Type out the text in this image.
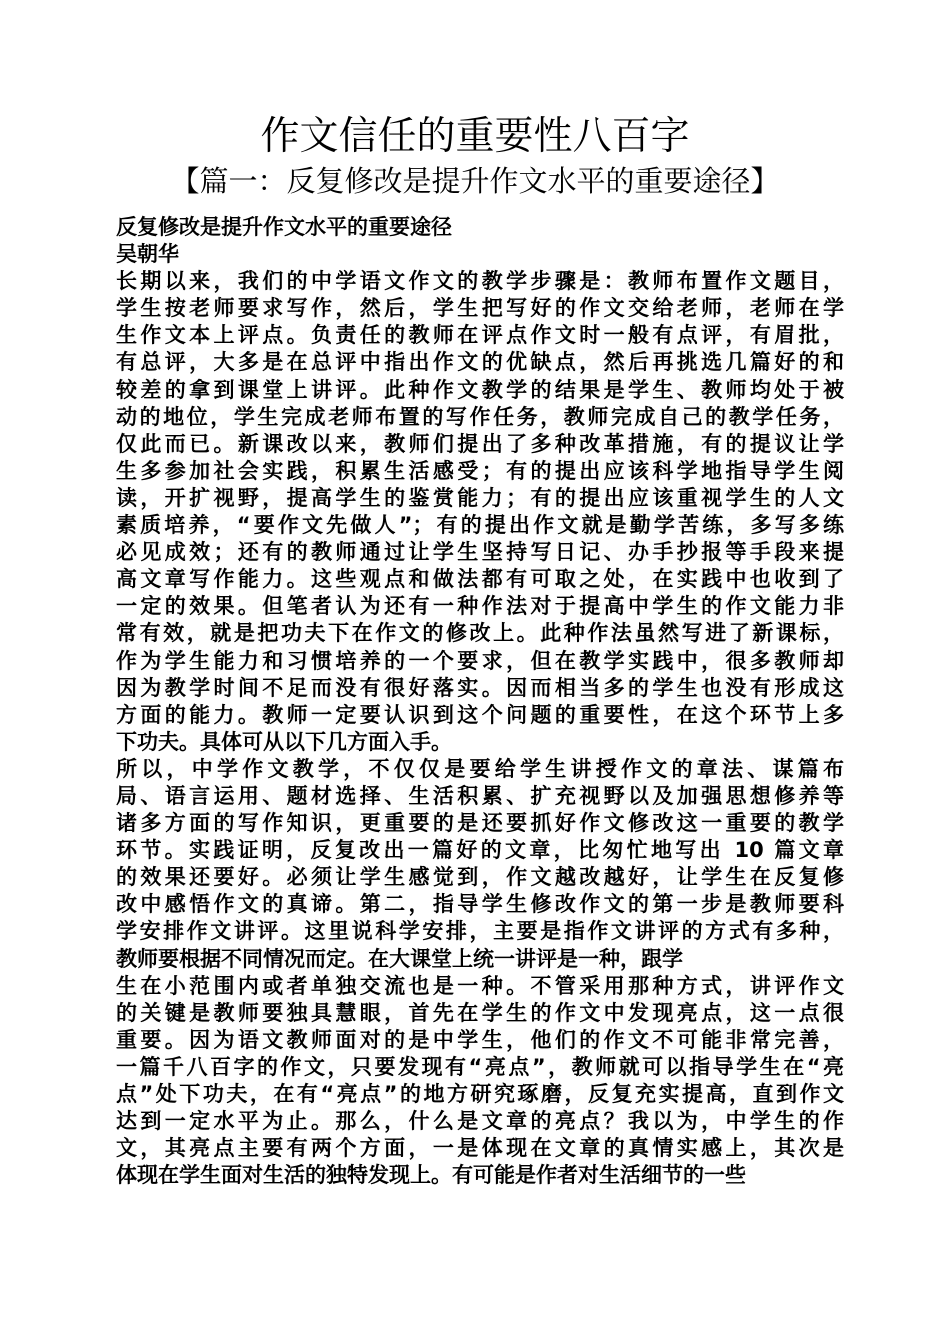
作文信任的重要性八百字
【篇一：反复修改是提升作文水平的重要途径】
反复修改是提升作文水平的重要途径
吴朝华
长期以来，我们的中学语文作文的教学步骤是：教师布置作文题目，
学生按老师要求写作，然后，学生把写好的作文交给老师，老师在学
生作文本上评点。负责任的教师在评点作文时一般有点评，有眉批，
有总评，大多是在总评中指出作文的优缺点，然后再挑选几篇好的和
较差的拿到课堂上讲评。此种作文教学的结果是学生、教师均处于被
动的地位，学生完成老师布置的写作任务，教师完成自己的教学任务，
仅此而已。新课改以来，教师们提出了多种改革措施，有的提议让学
生多参加社会实践，积累生活感受；有的提出应该科学地指导学生阅
读，开扩视野，提高学生的鉴赏能力；有的提出应该重视学生的人文
素质培养，“要作文先做人”；有的提出作文就是勤学苦练，多写多练
必见成效；还有的教师通过让学生坚持写日记、办手抄报等手段来提
高文章写作能力。这些观点和做法都有可取之处，在实践中也收到了
一定的效果。但笔者认为还有一种作法对于提高中学生的作文能力非
常有效，就是把功夫下在作文的修改上。此种作法虽然写进了新课标，
作为学生能力和习惯培养的一个要求，但在教学实践中，很多教师却
因为教学时间不足而没有很好落实。因而相当多的学生也没有形成这
方面的能力。教师一定要认识到这个问题的重要性，在这个环节上多
下功夫。具体可从以下几方面入手。
所以，中学作文教学，不仅仅是要给学生讲授作文的章法、谋篇布
局、语言运用、题材选择、生活积累、扩充视野以及加强思想修养等
诸多方面的写作知识，更重要的是还要抓好作文修改这一重要的教学
环节。实践证明，反复改出一篇好的文章，比匆忙地写出 10 篇文章
的效果还要好。必须让学生感觉到，作文越改越好，让学生在反复修
改中感悟作文的真谛。第二，指导学生修改作文的第一步是教师要科
学安排作文讲评。这里说科学安排，主要是指作文讲评的方式有多种，
教师要根据不同情况而定。在大课堂上统一讲评是一种，跟学
生在小范围内或者单独交流也是一种。不管采用那种方式，讲评作文
的关键是教师要独具慧眼，首先在学生的作文中发现亮点，这一点很
重要。因为语文教师面对的是中学生，他们的作文不可能非常完善，
一篇千八百字的作文，只要发现有“亮点”，教师就可以指导学生在“亮
点”处下功夫，在有“亮点”的地方研究琢磨，反复充实提高，直到作文
达到一定水平为止。那么，什么是文章的亮点？我以为，中学生的作
文，其亮点主要有两个方面，一是体现在文章的真情实感上，其次是
体现在学生面对生活的独特发现上。有可能是作者对生活细节的一些
